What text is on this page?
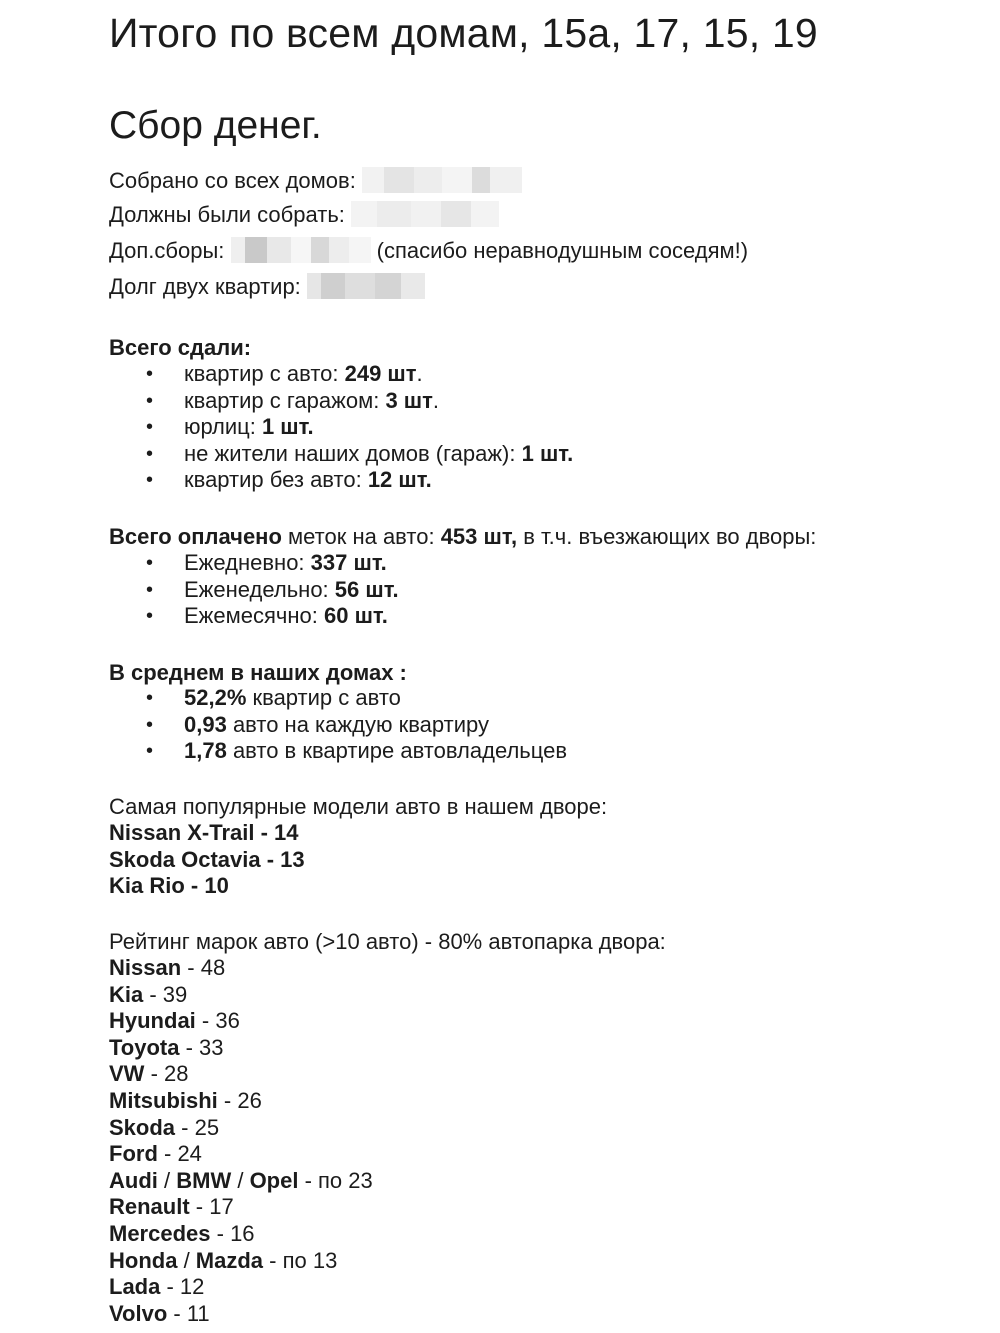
Итого по всем домам, 15а, 17, 15, 19
Сбор денег.
Собрано со всех домов:
Должны были собрать:
Доп.сборы:	(спасибо неравнодушным соседям!)
Долг двух квартир:
Всего сдали:
• квартир с авто: 249 шт.
• квартир с гаражом: 3 шт.
• юрлиц: 1 шт.
• не жители наших домов (гараж): 1 шт.
• квартир без авто: 12 шт.
Всего оплачено меток на авто: 453 шт, в т.ч. въезжающих во дворы:
• Ежедневно: 337 шт.
• Еженедельно: 56 шт.
• Ежемесячно: 60 шт.
В среднем в наших домах :
• 52,2% квартир с авто
• 0,93 авто на каждую квартиру
• 1,78 авто в квартире автовладельцев
Самая популярные модели авто в нашем дворе:
Nissan X-Trail - 14
Skoda Octavia - 13
Kia Rio - 10
Рейтинг марок авто (>10 авто) - 80% автопарка двора:
Nissan - 48
Kia - 39
Hyundai - 36
Toyota - 33
VW - 28
Mitsubishi - 26
Skoda - 25
Ford - 24
Audi / BMW / Opel - по 23
Renault - 17
Mercedes - 16
Honda / Mazda - по 13
Lada - 12
Volvo - 11
